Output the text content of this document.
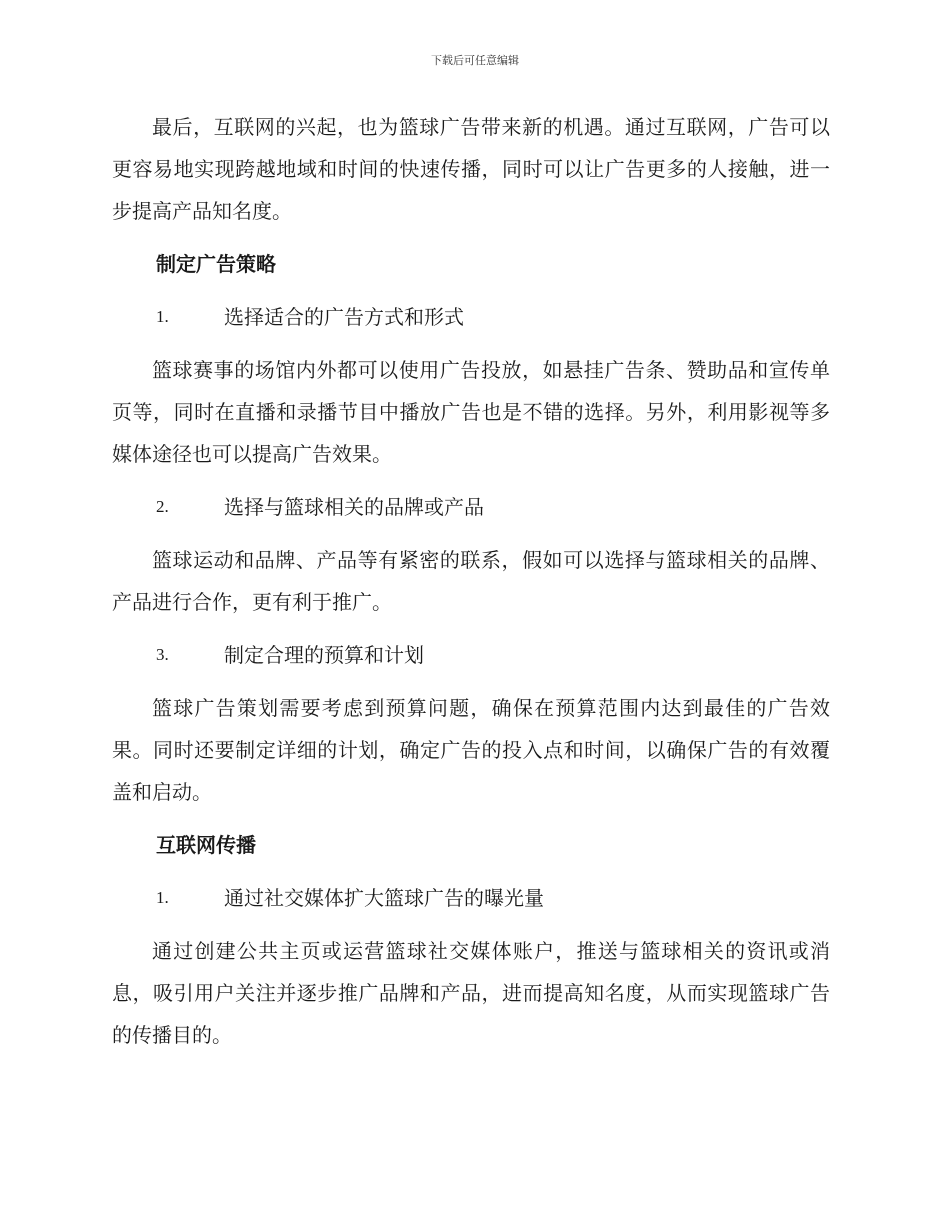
下载后可任意编辑

最后，互联网的兴起，也为篮球广告带来新的机遇。通过互联网，广告可以更容易地实现跨越地域和时间的快速传播，同时可以让广告更多的人接触，进一步提高产品知名度。

制定广告策略
1.	选择适合的广告方式和形式

篮球赛事的场馆内外都可以使用广告投放，如悬挂广告条、赞助品和宣传单页等，同时在直播和录播节目中播放广告也是不错的选择。另外，利用影视等多媒体途径也可以提高广告效果。

2.	选择与篮球相关的品牌或产品

篮球运动和品牌、产品等有紧密的联系，假如可以选择与篮球相关的品牌、产品进行合作，更有利于推广。

3.	制定合理的预算和计划

篮球广告策划需要考虑到预算问题，确保在预算范围内达到最佳的广告效果。同时还要制定详细的计划，确定广告的投入点和时间，以确保广告的有效覆盖和启动。

互联网传播
1.	通过社交媒体扩大篮球广告的曝光量

通过创建公共主页或运营篮球社交媒体账户，推送与篮球相关的资讯或消息，吸引用户关注并逐步推广品牌和产品，进而提高知名度，从而实现篮球广告的传播目的。
